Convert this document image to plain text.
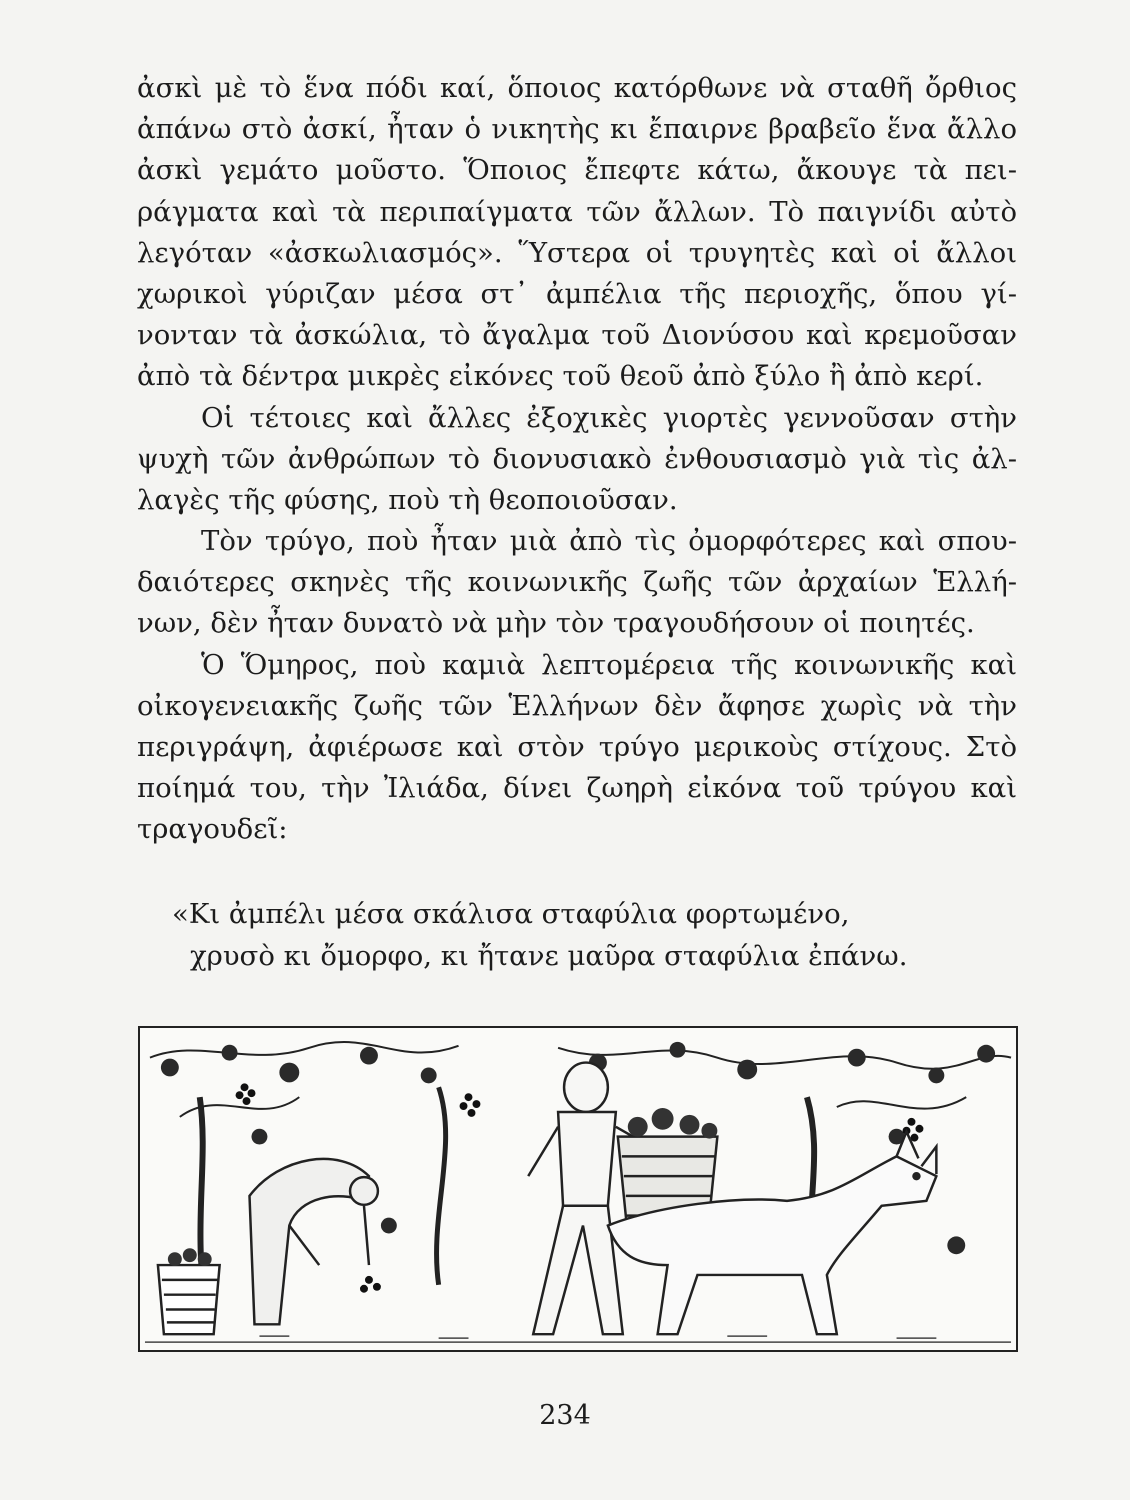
ἀσκὶ μὲ τὸ ἕνα πόδι καί, ὅποιος κατόρθωνε νὰ σταθῆ ὄρθιος
ἀπάνω στὸ ἀσκί, ἦταν ὁ νικητὴς κι ἔπαιρνε βραβεῖο ἕνα ἄλλο
ἀσκὶ γεμάτο μοῦστο. Ὅποιος ἔπεφτε κάτω, ἄκουγε τὰ πει-
ράγματα καὶ τὰ περιπαίγματα τῶν ἄλλων. Τὸ παιγνίδι αὐτὸ
λεγόταν «ἀσκωλιασμός». Ὕστερα οἱ τρυγητὲς καὶ οἱ ἄλλοι
χωρικοὶ γύριζαν μέσα στ᾿ ἀμπέλια τῆς περιοχῆς, ὅπου γί-
νονταν τὰ ἀσκώλια, τὸ ἄγαλμα τοῦ Διονύσου καὶ κρεμοῦσαν
ἀπὸ τὰ δέντρα μικρὲς εἰκόνες τοῦ θεοῦ ἀπὸ ξύλο ἢ ἀπὸ κερί.
Οἱ τέτοιες καὶ ἄλλες ἐξοχικὲς γιορτὲς γεννοῦσαν στὴν
ψυχὴ τῶν ἀνθρώπων τὸ διονυσιακὸ ἐνθουσιασμὸ γιὰ τὶς ἀλ-
λαγὲς τῆς φύσης, ποὺ τὴ θεοποιοῦσαν.
Τὸν τρύγο, ποὺ ἦταν μιὰ ἀπὸ τὶς ὀμορφότερες καὶ σπου-
δαιότερες σκηνὲς τῆς κοινωνικῆς ζωῆς τῶν ἀρχαίων Ἑλλή-
νων, δὲν ἦταν δυνατὸ νὰ μὴν τὸν τραγουδήσουν οἱ ποιητές.
Ὁ Ὅμηρος, ποὺ καμιὰ λεπτομέρεια τῆς κοινωνικῆς καὶ
οἰκογενειακῆς ζωῆς τῶν Ἑλλήνων δὲν ἄφησε χωρὶς νὰ τὴν
περιγράψη, ἀφιέρωσε καὶ στὸν τρύγο μερικοὺς στίχους. Στὸ
ποίημά του, τὴν Ἰλιάδα, δίνει ζωηρὴ εἰκόνα τοῦ τρύγου καὶ
τραγουδεῖ:
«Κι ἀμπέλι μέσα σκάλισα σταφύλια φορτωμένο,
χρυσὸ κι ὄμορφο, κι ἤτανε μαῦρα σταφύλια ἐπάνω.
234
